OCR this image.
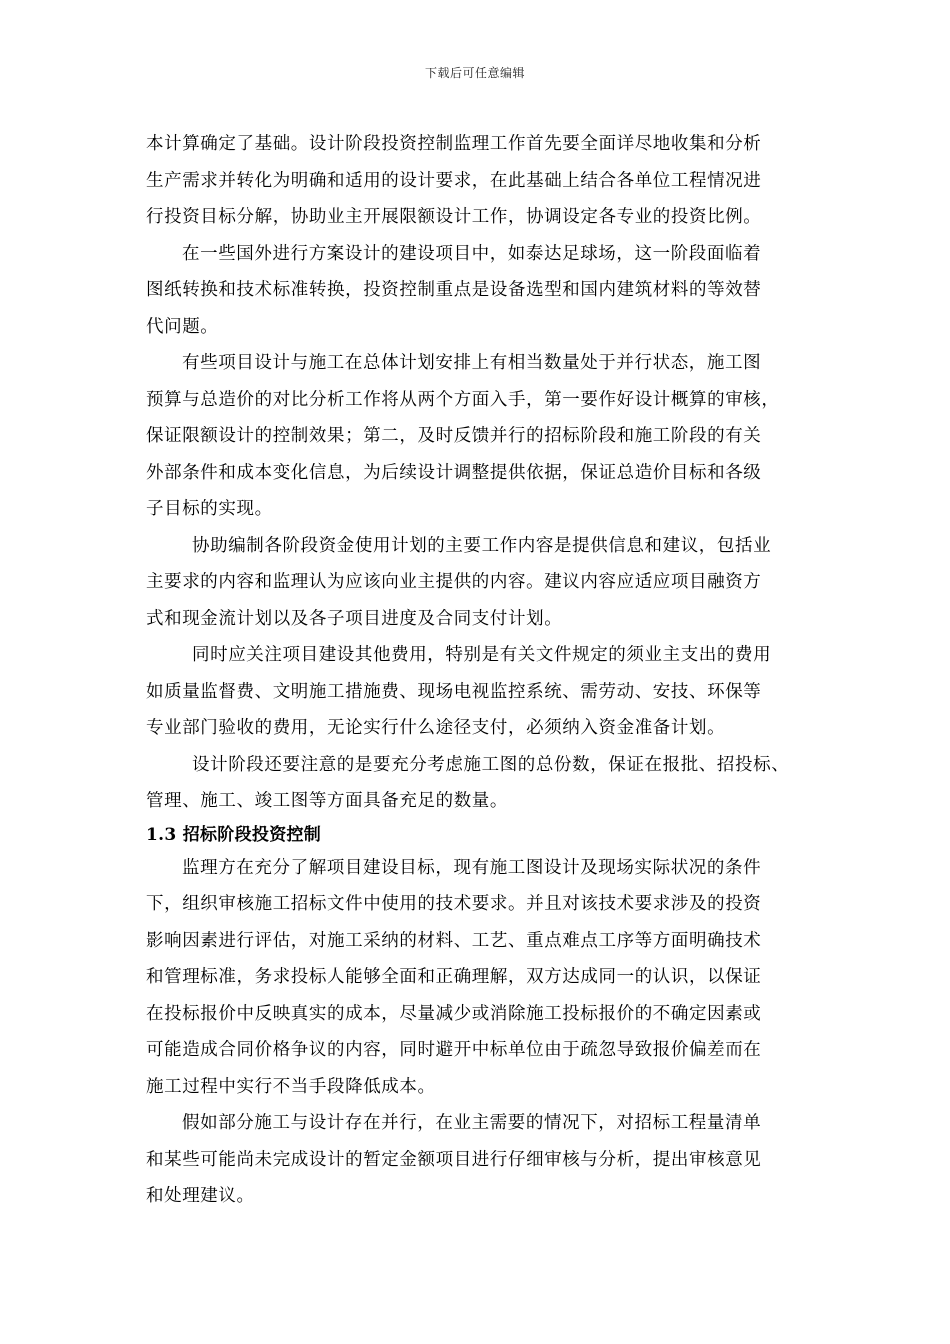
下载后可任意编辑
本计算确定了基础。设计阶段投资控制监理工作首先要全面详尽地收集和分析
生产需求并转化为明确和适用的设计要求，在此基础上结合各单位工程情况进
行投资目标分解，协助业主开展限额设计工作，协调设定各专业的投资比例。
在一些国外进行方案设计的建设项目中，如泰达足球场，这一阶段面临着
图纸转换和技术标准转换，投资控制重点是设备选型和国内建筑材料的等效替
代问题。
有些项目设计与施工在总体计划安排上有相当数量处于并行状态，施工图
预算与总造价的对比分析工作将从两个方面入手，第一要作好设计概算的审核，
保证限额设计的控制效果；第二，及时反馈并行的招标阶段和施工阶段的有关
外部条件和成本变化信息，为后续设计调整提供依据，保证总造价目标和各级
子目标的实现。
协助编制各阶段资金使用计划的主要工作内容是提供信息和建议，包括业
主要求的内容和监理认为应该向业主提供的内容。建议内容应适应项目融资方
式和现金流计划以及各子项目进度及合同支付计划。
同时应关注项目建设其他费用，特别是有关文件规定的须业主支出的费用
如质量监督费、文明施工措施费、现场电视监控系统、需劳动、安技、环保等
专业部门验收的费用，无论实行什么途径支付，必须纳入资金准备计划。
设计阶段还要注意的是要充分考虑施工图的总份数，保证在报批、招投标、
管理、施工、竣工图等方面具备充足的数量。
1.3 招标阶段投资控制
监理方在充分了解项目建设目标，现有施工图设计及现场实际状况的条件
下，组织审核施工招标文件中使用的技术要求。并且对该技术要求涉及的投资
影响因素进行评估，对施工采纳的材料、工艺、重点难点工序等方面明确技术
和管理标准，务求投标人能够全面和正确理解，双方达成同一的认识，以保证
在投标报价中反映真实的成本，尽量减少或消除施工投标报价的不确定因素或
可能造成合同价格争议的内容，同时避开中标单位由于疏忽导致报价偏差而在
施工过程中实行不当手段降低成本。
假如部分施工与设计存在并行，在业主需要的情况下，对招标工程量清单
和某些可能尚未完成设计的暂定金额项目进行仔细审核与分析，提出审核意见
和处理建议。
